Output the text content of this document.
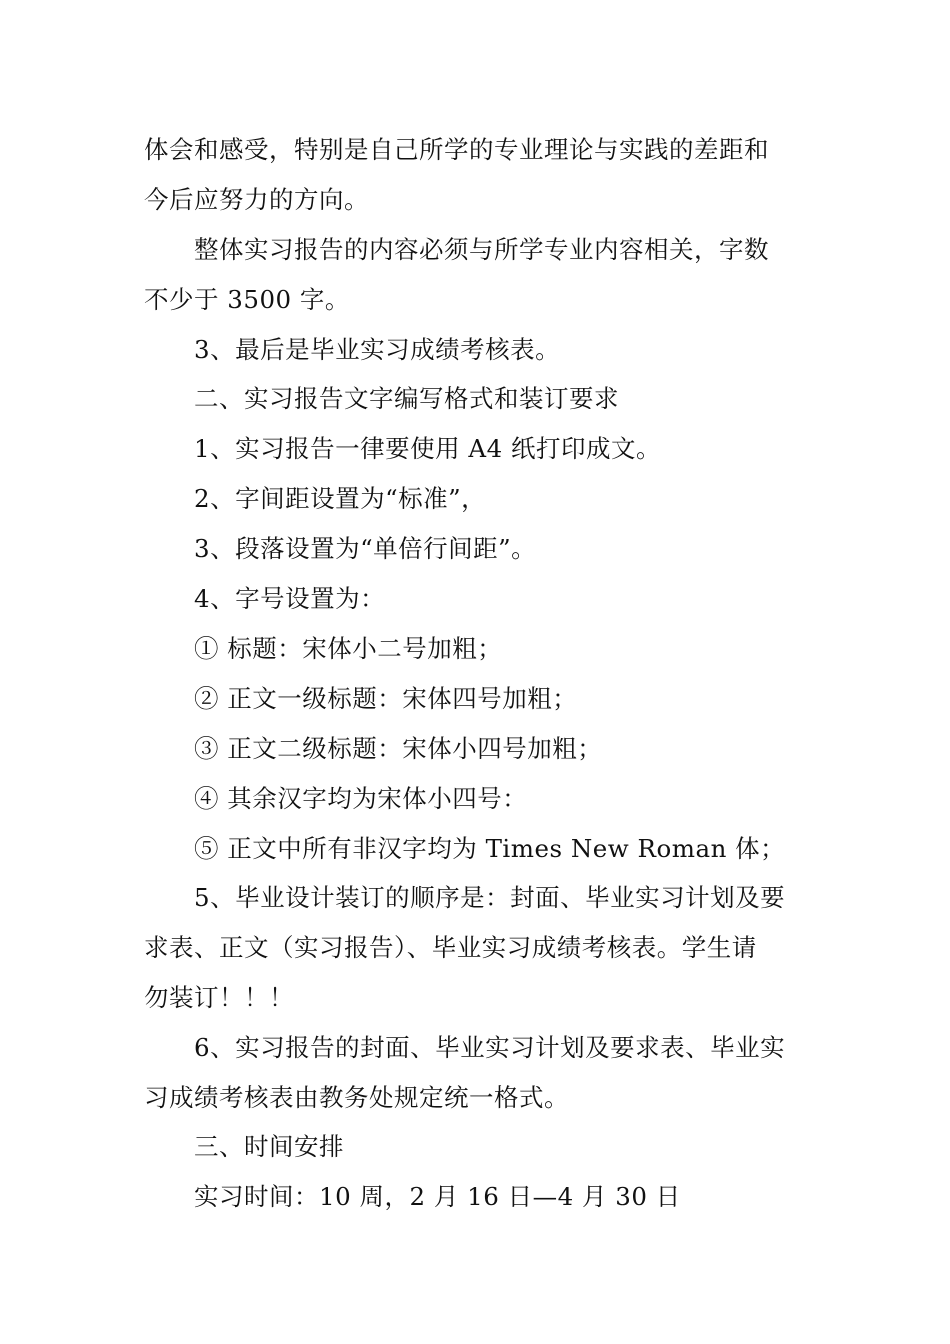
体会和感受，特别是自己所学的专业理论与实践的差距和
今后应努力的方向。
整体实习报告的内容必须与所学专业内容相关，字数
不少于 3500 字。
3、最后是毕业实习成绩考核表。
二、实习报告文字编写格式和装订要求
1、实习报告一律要使用 A4 纸打印成文。
2、字间距设置为“标准”，
3、段落设置为“单倍行间距”。
4、字号设置为：
① 标题：宋体小二号加粗；
② 正文一级标题：宋体四号加粗；
③ 正文二级标题：宋体小四号加粗；
④ 其余汉字均为宋体小四号：
⑤ 正文中所有非汉字均为 Times New Roman 体；
5、毕业设计装订的顺序是：封面、毕业实习计划及要
求表、正文（实习报告）、毕业实习成绩考核表。学生请
勿装订！！！
6、实习报告的封面、毕业实习计划及要求表、毕业实
习成绩考核表由教务处规定统一格式。
三、时间安排
实习时间：10 周，2 月 16 日—4 月 30 日
